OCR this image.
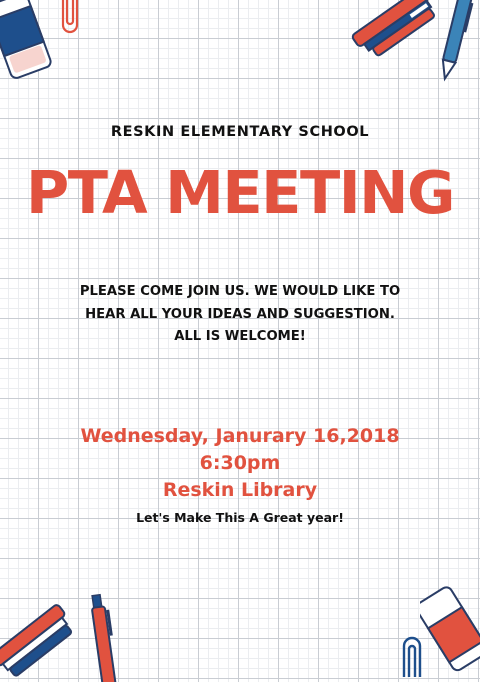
RESKIN ELEMENTARY SCHOOL
PTA MEETING
PLEASE COME JOIN US. WE WOULD LIKE TO
HEAR ALL YOUR IDEAS AND SUGGESTION.
ALL IS WELCOME!
Wednesday, Janurary 16,2018
6:30pm
Reskin Library
Let's Make This A Great year!
